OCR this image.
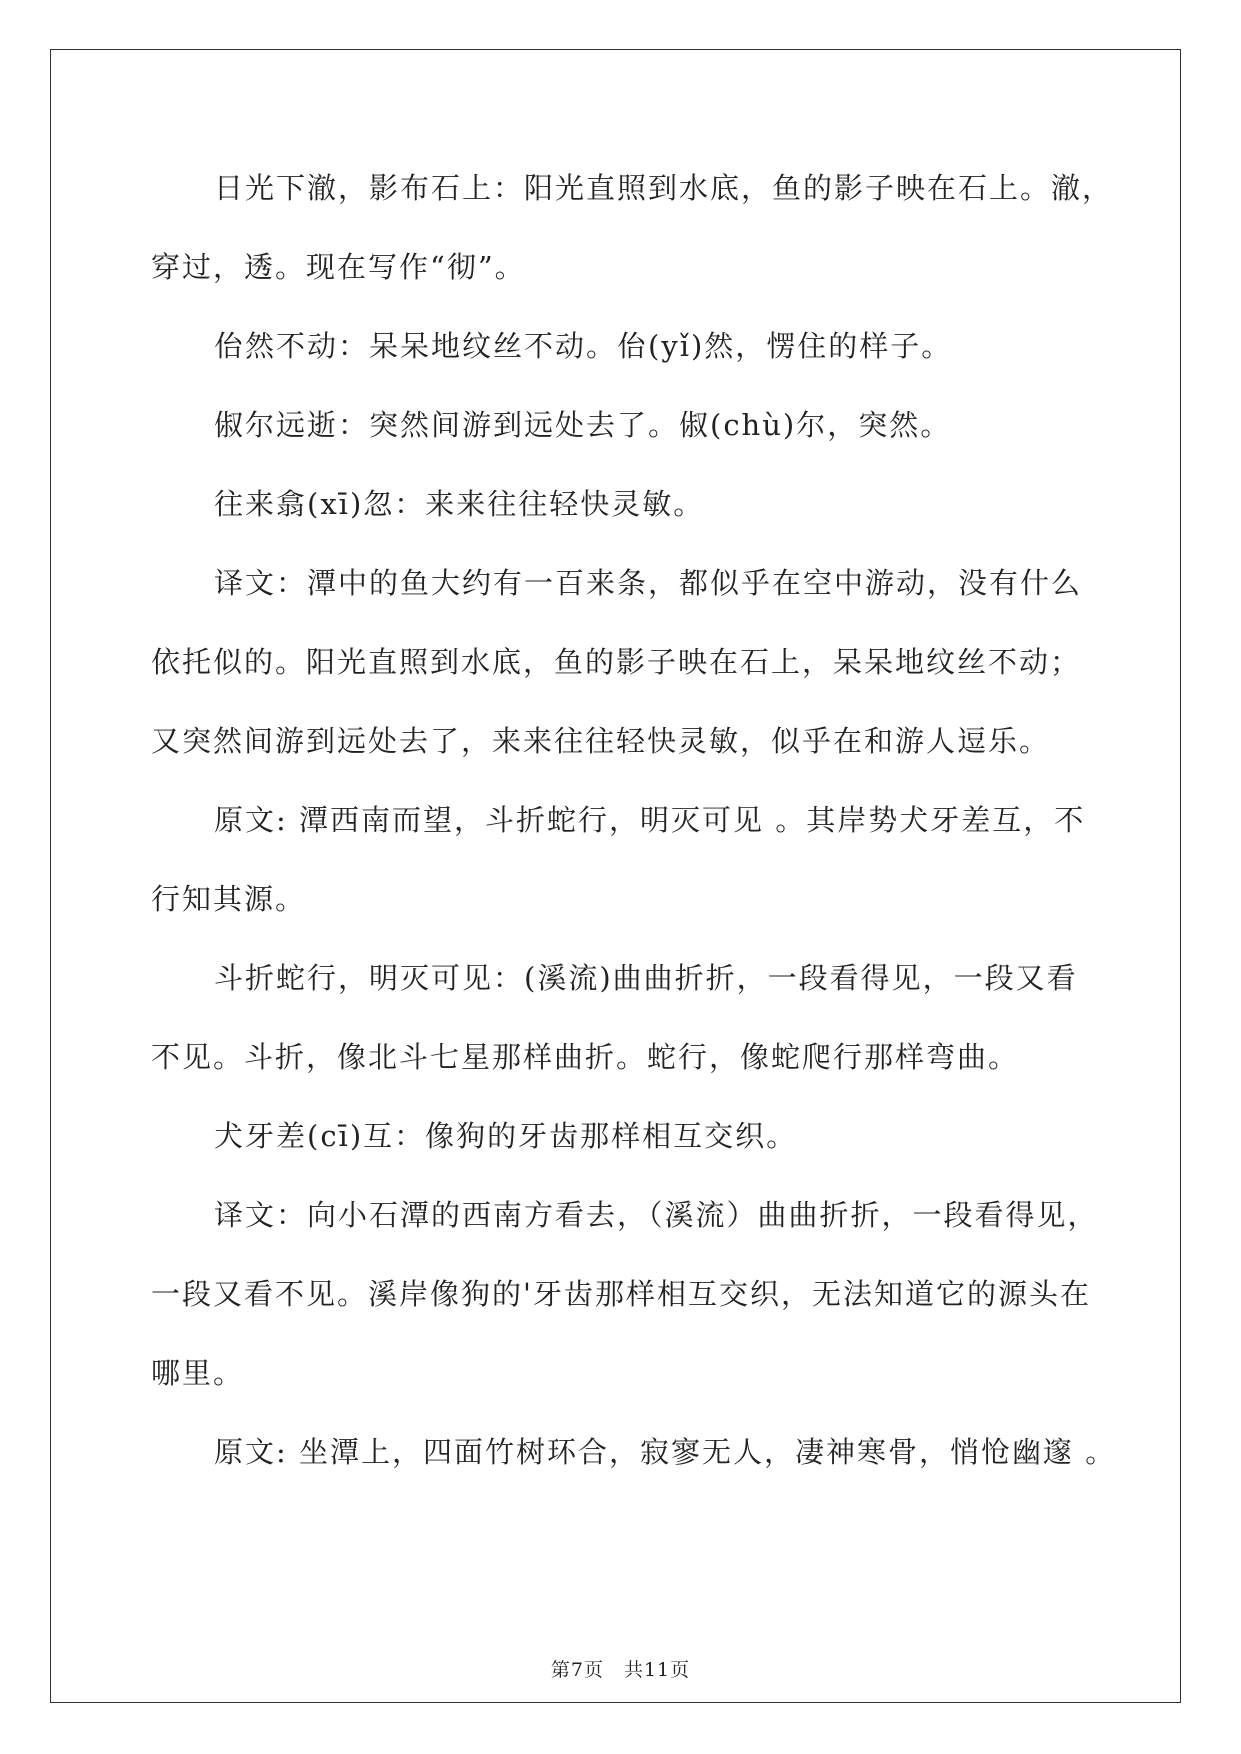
日光下澈，影布石上：阳光直照到水底，鱼的影子映在石上。澈，
穿过，透。现在写作“彻”。
佁然不动：呆呆地纹丝不动。佁(yǐ)然，愣住的样子。
俶尔远逝：突然间游到远处去了。俶(chù)尔，突然。
往来翕(xī)忽：来来往往轻快灵敏。
译文：潭中的鱼大约有一百来条，都似乎在空中游动，没有什么
依托似的。阳光直照到水底，鱼的影子映在石上，呆呆地纹丝不动；
又突然间游到远处去了，来来往往轻快灵敏，似乎在和游人逗乐。
原文: 潭西南而望，斗折蛇行，明灭可见 。其岸势犬牙差互，不
行知其源。
斗折蛇行，明灭可见：(溪流)曲曲折折，一段看得见，一段又看
不见。斗折，像北斗七星那样曲折。蛇行，像蛇爬行那样弯曲。
犬牙差(cī)互：像狗的牙齿那样相互交织。
译文：向小石潭的西南方看去，（溪流）曲曲折折，一段看得见，
一段又看不见。溪岸像狗的'牙齿那样相互交织，无法知道它的源头在
哪里。
原文: 坐潭上，四面竹树环合，寂寥无人，凄神寒骨，悄怆幽邃 。
第7页　共11页
